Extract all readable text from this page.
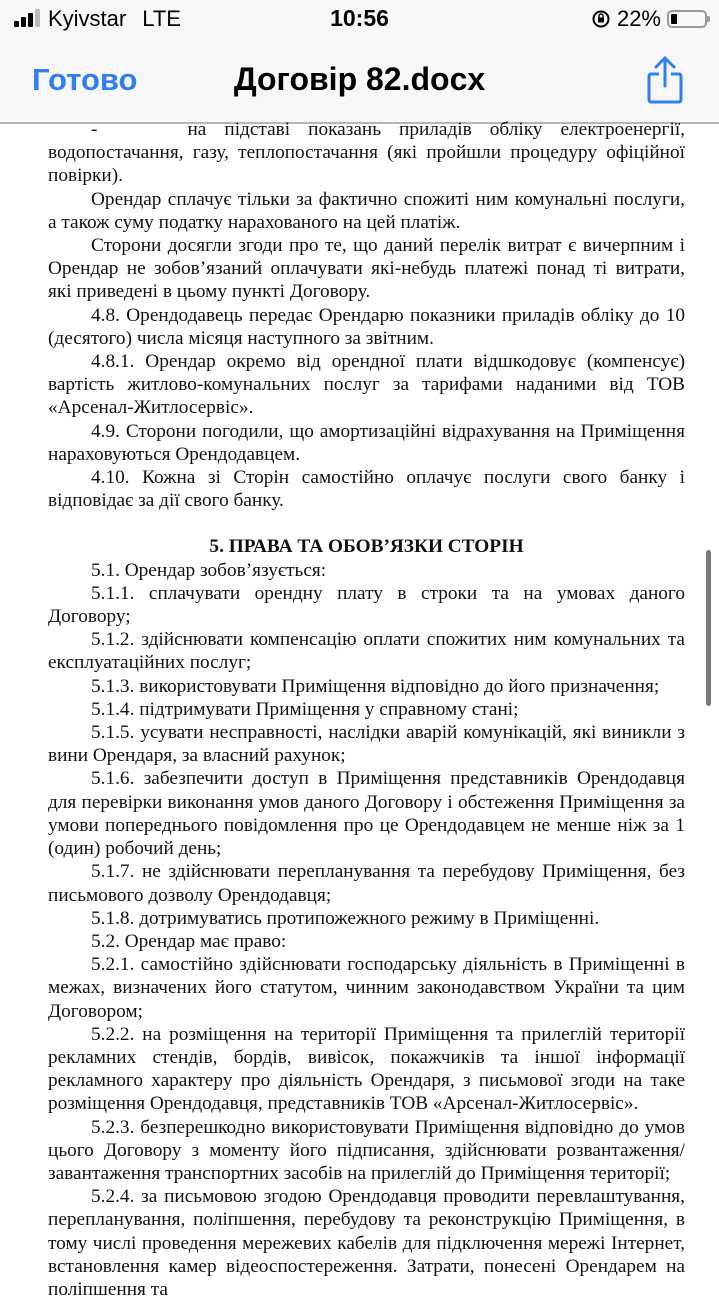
Kyivstar LTE	10:56	22%
Готово	Договір 82.docx

-     на підставі показань приладів обліку електроенергії, водопостачання, газу, теплопостачання (які пройшли процедуру офіційної повірки).

Орендар сплачує тільки за фактично спожиті ним комунальні послуги, а також суму податку нарахованого на цей платіж.

Сторони досягли згоди про те, що даний перелік витрат є вичерпним і Орендар не зобов’язаний оплачувати які-небудь платежі понад ті витрати, які приведені в цьому пункті Договору.

4.8. Орендодавець передає Орендарю показники приладів обліку до 10 (десятого) числа місяця наступного за звітним.

4.8.1. Орендар окремо від орендної плати відшкодовує (компенсує) вартість житлово-комунальних послуг за тарифами наданими від ТОВ «Арсенал-Житлосервіс».

4.9. Сторони погодили, що амортизаційні відрахування на Приміщення нараховуються Орендодавцем.

4.10. Кожна зі Сторін самостійно оплачує послуги свого банку і відповідає за дії свого банку.

5. ПРАВА ТА ОБОВ’ЯЗКИ СТОРІН

5.1. Орендар зобов’язується:

5.1.1. сплачувати орендну плату в строки та на умовах даного Договору;

5.1.2. здійснювати компенсацію оплати спожитих ним комунальних та експлуатаційних послуг;

5.1.3. використовувати Приміщення відповідно до його призначення;

5.1.4. підтримувати Приміщення у справному стані;

5.1.5. усувати несправності, наслідки аварій комунікацій, які виникли з вини Орендаря, за власний рахунок;

5.1.6. забезпечити доступ в Приміщення представників Орендодавця для перевірки виконання умов даного Договору і обстеження Приміщення за умови попереднього повідомлення про це Орендодавцем не менше ніж за 1 (один) робочий день;

5.1.7. не здійснювати перепланування та перебудову Приміщення, без письмового дозволу Орендодавця;

5.1.8. дотримуватись протипожежного режиму в Приміщенні.

5.2. Орендар має право:

5.2.1. самостійно здійснювати господарську діяльність в Приміщенні в межах, визначених його статутом, чинним законодавством України та цим Договором;

5.2.2. на розміщення на території Приміщення та прилеглій території рекламних стендів, бордів, вивісок, покажчиків та іншої інформації рекламного характеру про діяльність Орендаря, з письмової згоди на таке розміщення Орендодавця, представників ТОВ «Арсенал-Житлосервіс».

5.2.3. безперешкодно використовувати Приміщення відповідно до умов цього Договору з моменту його підписання, здійснювати розвантаження/завантаження транспортних засобів на прилеглій до Приміщення території;

5.2.4. за письмовою згодою Орендодавця проводити перевлаштування, перепланування, поліпшення, перебудову та реконструкцію Приміщення, в тому числі проведення мережевих кабелів для підключення мережі Інтернет, встановлення камер відеоспостереження. Затрати, понесені Орендарем на поліпшення та
